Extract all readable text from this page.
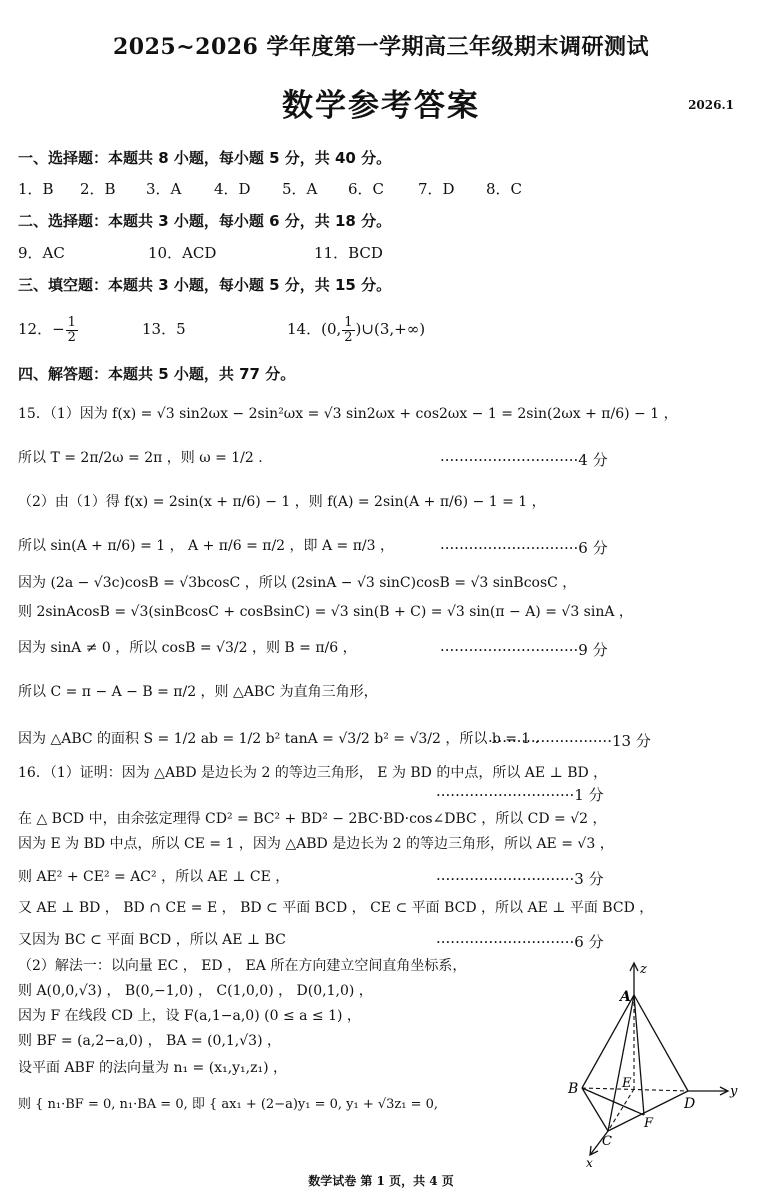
2025~2026 学年度第一学期高三年级期末调研测试
数学参考答案	2026.1
一、选择题：本题共 8 小题，每小题 5 分，共 40 分。
1．B 2．B 3．A 4．D 5．A 6．C 7．D 8．C
二、选择题：本题共 3 小题，每小题 6 分，共 18 分。
9．AC	10．ACD	11．BCD
三、填空题：本题共 3 小题，每小题 5 分，共 15 分。
12．− $\frac{1}{2}$	13．5	14．(0, $\frac{1}{2}$ )∪(3,+∞)
四、解答题：本题共 5 小题，共 77 分。
15．（1）因为 f(x) = √3 sin2ωx − 2sin²ωx = √3 sin2ωx + cos2ωx − 1 = 2sin(2ωx + π/6) − 1 ，
所以 T = 2π/2ω = 2π ，则 ω = 1/2 .	·····························4 分
（2）由（1）得 f(x) = 2sin(x + π/6) − 1 ，则 f(A) = 2sin(A + π/6) − 1 = 1 ，
所以 sin(A + π/6) = 1 ， A + π/6 = π/2 ，即 A = π/3 ，	·····························6 分
因为 (2a − √3c)cosB = √3bcosC ，所以 (2sinA − √3 sinC)cosB = √3 sinBcosC ，
则 2sinAcosB = √3(sinBcosC + cosBsinC) = √3 sin(B + C) = √3 sin(π − A) = √3 sinA ，
因为 sinA ≠ 0 ，所以 cosB = √3/2 ，则 B = π/6 ，	·····························9 分
所以 C = π − A − B = π/2 ，则 △ABC 为直角三角形，
因为 △ABC 的面积 S = 1/2 ab = 1/2 b² tanA = √3/2 b² = √3/2 ，所以 b = 1 .
··························13 分
16．（1）证明：因为 △ABD 是边长为 2 的等边三角形， E 为 BD 的中点，所以 AE ⊥ BD ，
·····························1 分
在 △ BCD 中，由余弦定理得 CD² = BC² + BD² − 2BC·BD·cos∠DBC ，所以 CD = √2 ，
因为 E 为 BD 中点，所以 CE = 1 ，因为 △ABD 是边长为 2 的等边三角形，所以 AE = √3 ，
则 AE² + CE² = AC² ，所以 AE ⊥ CE ，	·····························3 分
又 AE ⊥ BD ， BD ∩ CE = E ， BD ⊂ 平面 BCD ， CE ⊂ 平面 BCD ，所以 AE ⊥ 平面 BCD ，
又因为 BC ⊂ 平面 BCD ，所以 AE ⊥ BC	·····························6 分
（2）解法一：以向量 EC ， ED ， EA 所在方向建立空间直角坐标系，
则 A(0,0,√3) ， B(0,−1,0) ， C(1,0,0) ， D(0,1,0) ，
因为 F 在线段 CD 上，设 F(a,1−a,0) (0 ≤ a ≤ 1) ，
则 BF = (a,2−a,0) ， BA = (0,1,√3) ，
设平面 ABF 的法向量为 n₁ = (x₁,y₁,z₁) ，
则 { n₁·BF = 0, n₁·BA = 0, 即 { ax₁ + (2−a)y₁ = 0, y₁ + √3z₁ = 0,
z
A
B	E
D
y
F
C
x
数学试卷 第 1 页，共 4 页
